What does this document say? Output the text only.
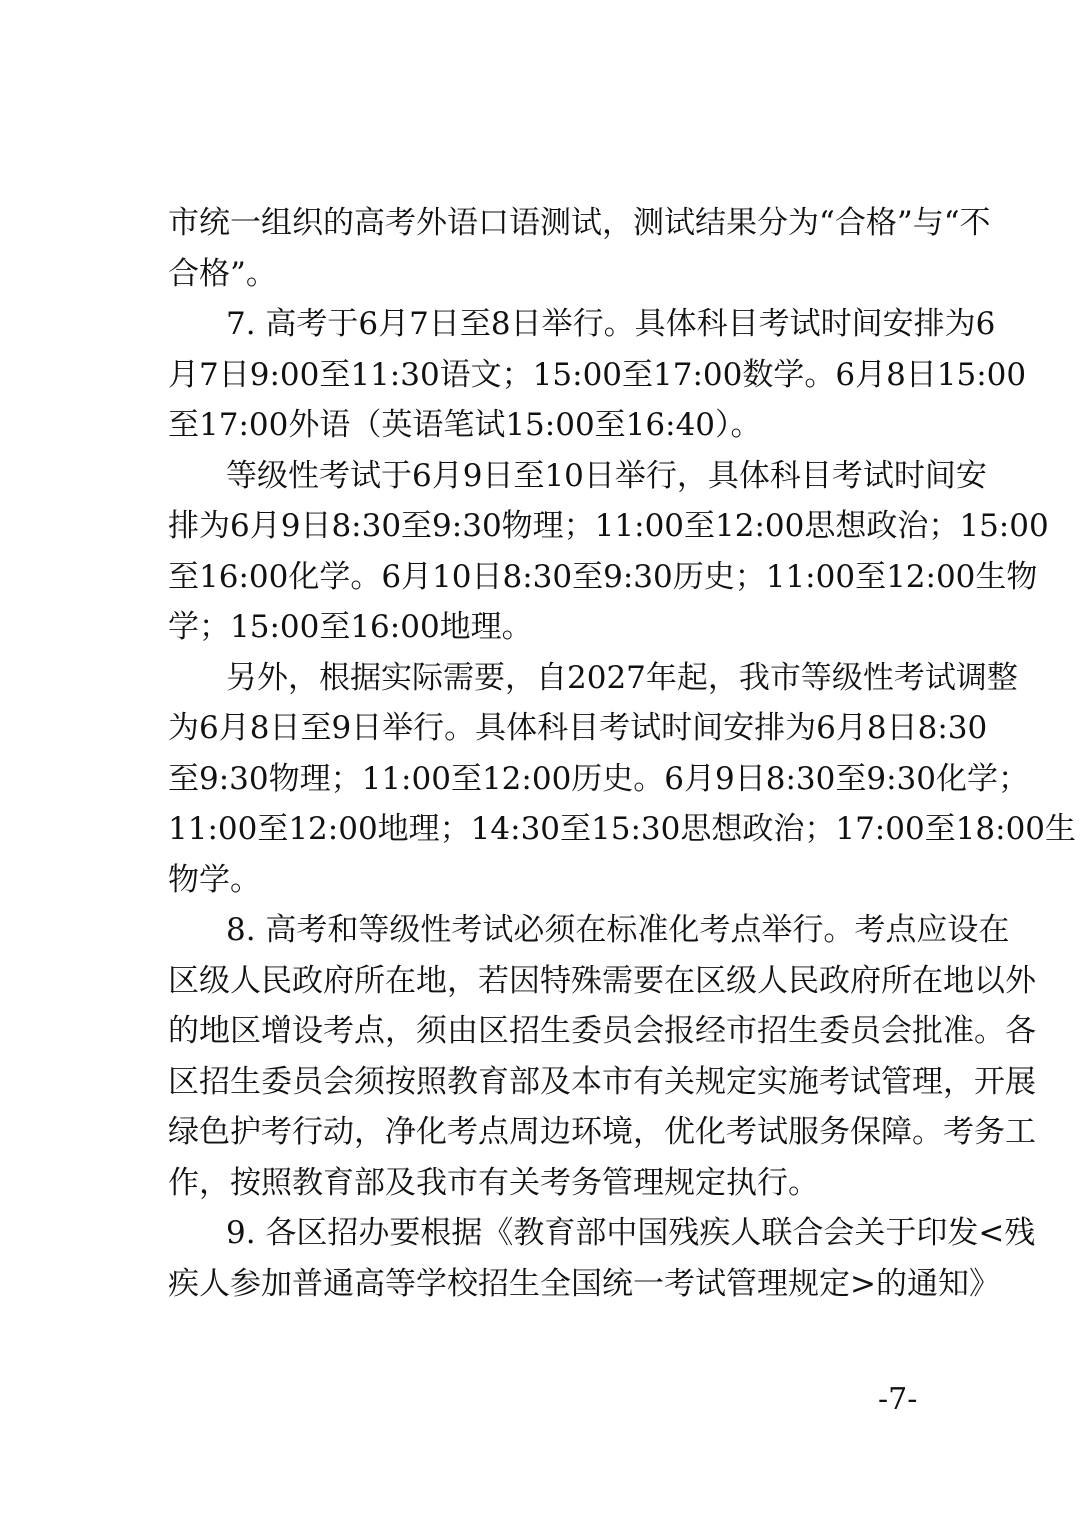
市统一组织的高考外语口语测试，测试结果分为“合格”与“不
合格”。
7. 高考于6月7日至8日举行。具体科目考试时间安排为6
月7日9:00至11:30语文；15:00至17:00数学。6月8日15:00
至17:00外语（英语笔试15:00至16:40）。
等级性考试于6月9日至10日举行，具体科目考试时间安
排为6月9日8:30至9:30物理；11:00至12:00思想政治；15:00
至16:00化学。6月10日8:30至9:30历史；11:00至12:00生物
学；15:00至16:00地理。
另外，根据实际需要，自2027年起，我市等级性考试调整
为6月8日至9日举行。具体科目考试时间安排为6月8日8:30
至9:30物理；11:00至12:00历史。6月9日8:30至9:30化学；
11:00至12:00地理；14:30至15:30思想政治；17:00至18:00生
物学。
8. 高考和等级性考试必须在标准化考点举行。考点应设在
区级人民政府所在地，若因特殊需要在区级人民政府所在地以外
的地区增设考点，须由区招生委员会报经市招生委员会批准。各
区招生委员会须按照教育部及本市有关规定实施考试管理，开展
绿色护考行动，净化考点周边环境，优化考试服务保障。考务工
作，按照教育部及我市有关考务管理规定执行。
9. 各区招办要根据《教育部中国残疾人联合会关于印发<残
疾人参加普通高等学校招生全国统一考试管理规定>的通知》
-7-
